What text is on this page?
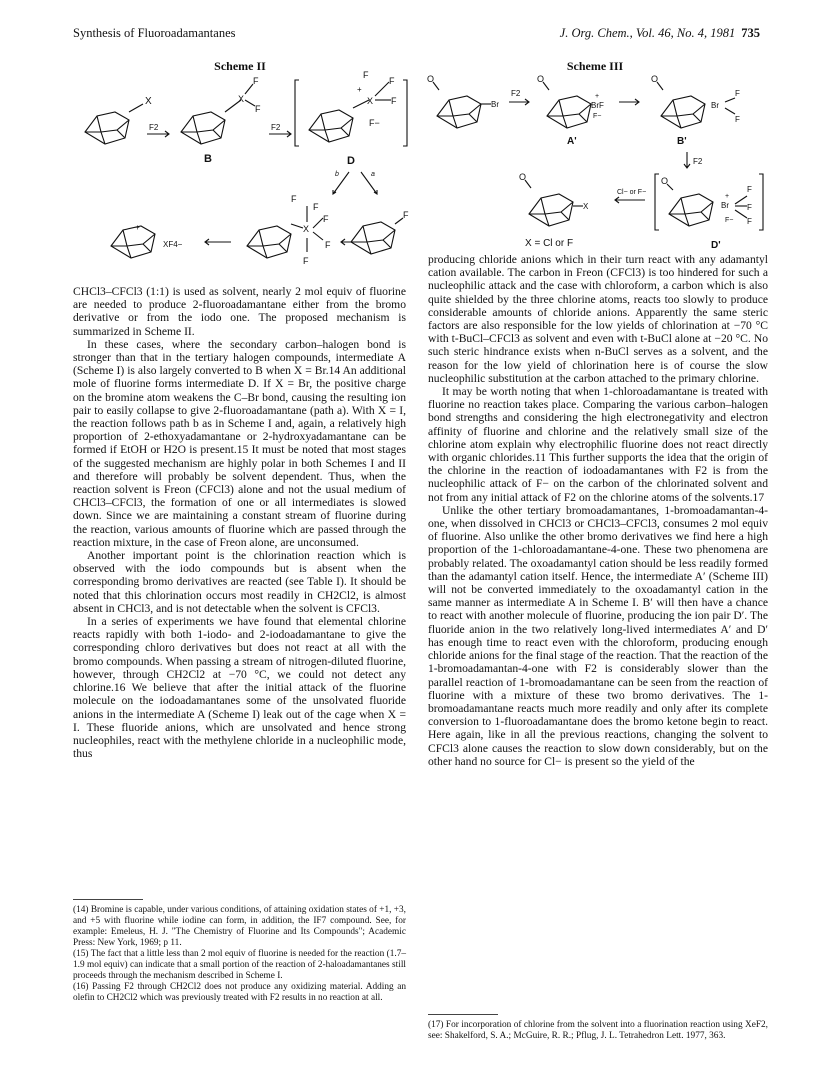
Synthesis of Fluoroadamantanes	J. Org. Chem., Vol. 46, No. 4, 1981 735
Scheme II
X
F2
X
F
F
F2
B
F
+
X
F
F
F−
D
b	a
+
XF4−
F
F
X
F
F
F
F
Scheme III
O
Br
F2
O
+
BrF
F−
A'
O
F
Br
F
B'
F2
O
X
Cl− or F−
O
F
+
Br F
F− F
X = Cl or F	D'

CHCl3–CFCl3 (1:1) is used as solvent, nearly 2 mol equiv of fluorine are needed to produce 2-fluoroadamantane either from the bromo derivative or from the iodo one. The proposed mechanism is summarized in Scheme II.

In these cases, where the secondary carbon–halogen bond is stronger than that in the tertiary halogen compounds, intermediate A (Scheme I) is also largely converted to B when X = Br.14 An additional mole of fluorine forms intermediate D. If X = Br, the positive charge on the bromine atom weakens the C–Br bond, causing the resulting ion pair to easily collapse to give 2-fluoroadamantane (path a). With X = I, the reaction follows path b as in Scheme I and, again, a relatively high proportion of 2-ethoxyadamantane or 2-hydroxyadamantane can be formed if EtOH or H2O is present.15 It must be noted that most stages of the suggested mechanism are highly polar in both Schemes I and II and therefore will probably be solvent dependent. Thus, when the reaction solvent is Freon (CFCl3) alone and not the usual medium of CHCl3–CFCl3, the formation of one or all intermediates is slowed down. Since we are maintaining a constant stream of fluorine during the reaction, various amounts of fluorine which are passed through the reaction mixture, in the case of Freon alone, are unconsumed.

Another important point is the chlorination reaction which is observed with the iodo compounds but is absent when the corresponding bromo derivatives are reacted (see Table I). It should be noted that this chlorination occurs most readily in CH2Cl2, is almost absent in CHCl3, and is not detectable when the solvent is CFCl3.

In a series of experiments we have found that elemental chlorine reacts rapidly with both 1-iodo- and 2-iodoadamantane to give the corresponding chloro derivatives but does not react at all with the bromo compounds. When passing a stream of nitrogen-diluted fluorine, however, through CH2Cl2 at −70 °C, we could not detect any chlorine.16 We believe that after the initial attack of the fluorine molecule on the iodoadamantanes some of the unsolvated fluoride anions in the intermediate A (Scheme I) leak out of the cage when X = I. These fluoride anions, which are unsolvated and hence strong nucleophiles, react with the methylene chloride in a nucleophilic mode, thus

producing chloride anions which in their turn react with any adamantyl cation available. The carbon in Freon (CFCl3) is too hindered for such a nucleophilic attack and the case with chloroform, a carbon which is also quite shielded by the three chlorine atoms, reacts too slowly to produce considerable amounts of chloride anions. Apparently the same steric factors are also responsible for the low yields of chlorination at −70 °C with t-BuCl–CFCl3 as solvent and even with t-BuCl alone at −20 °C. No such steric hindrance exists when n-BuCl serves as a solvent, and the reason for the low yield of chlorination here is of course the slow nucleophilic substitution at the carbon attached to the primary chlorine.

It may be worth noting that when 1-chloroadamantane is treated with fluorine no reaction takes place. Comparing the various carbon–halogen bond strengths and considering the high electronegativity and electron affinity of fluorine and chlorine and the relatively small size of the chlorine atom explain why electrophilic fluorine does not react directly with organic chlorides.11 This further supports the idea that the origin of the chlorine in the reaction of iodoadamantanes with F2 is from the nucleophilic attack of F− on the carbon of the chlorinated solvent and not from any initial attack of F2 on the chlorine atoms of the solvents.17

Unlike the other tertiary bromoadamantanes, 1-bromoadamantan-4-one, when dissolved in CHCl3 or CHCl3–CFCl3, consumes 2 mol equiv of fluorine. Also unlike the other bromo derivatives we find here a high proportion of the 1-chloroadamantane-4-one. These two phenomena are probably related. The oxoadamantyl cation should be less readily formed than the adamantyl cation itself. Hence, the intermediate A′ (Scheme III) will not be converted immediately to the oxoadamantyl cation in the same manner as intermediate A in Scheme I. B′ will then have a chance to react with another molecule of fluorine, producing the ion pair D′. The fluoride anion in the two relatively long-lived intermediates A′ and D′ has enough time to react even with the chloroform, producing enough chloride anions for the final stage of the reaction. That the reaction of the 1-bromoadamantan-4-one with F2 is considerably slower than the parallel reaction of 1-bromoadamantane can be seen from the reaction of fluorine with a mixture of these two bromo derivatives. The 1-bromoadamantane reacts much more readily and only after its complete conversion to 1-fluoroadamantane does the bromo ketone begin to react. Here again, like in all the previous reactions, changing the solvent to CFCl3 alone causes the reaction to slow down considerably, but on the other hand no source for Cl− is present so the yield of the

(14) Bromine is capable, under various conditions, of attaining oxidation states of +1, +3, and +5 with fluorine while iodine can form, in addition, the IF7 compound. See, for example: Emeleus, H. J. "The Chemistry of Fluorine and Its Compounds"; Academic Press: New York, 1969; p 11.

(15) The fact that a little less than 2 mol equiv of fluorine is needed for the reaction (1.7–1.9 mol equiv) can indicate that a small portion of the reaction of 2-haloadamantanes still proceeds through the mechanism described in Scheme I.

(16) Passing F2 through CH2Cl2 does not produce any oxidizing material. Adding an olefin to CH2Cl2 which was previously treated with F2 results in no reaction at all.

(17) For incorporation of chlorine from the solvent into a fluorination reaction using XeF2, see: Shakelford, S. A.; McGuire, R. R.; Pflug, J. L. Tetrahedron Lett. 1977, 363.
